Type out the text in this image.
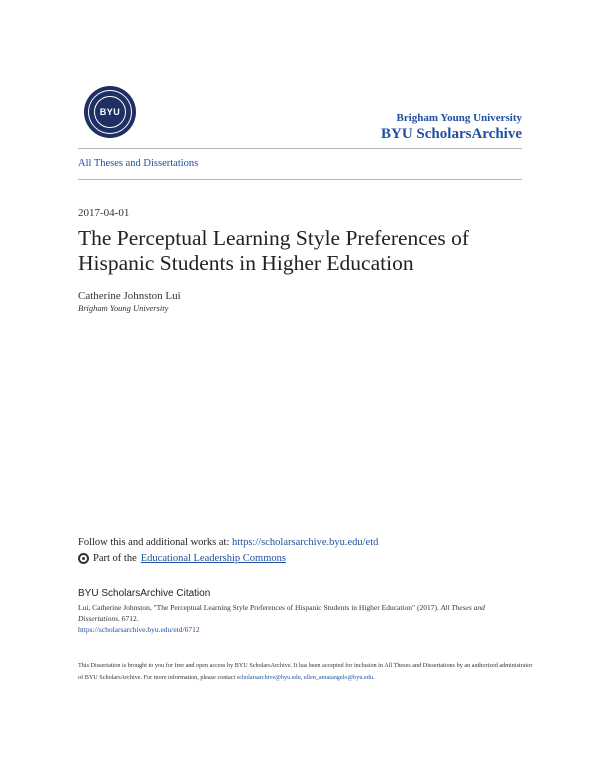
BYU	Brigham Young University
BYU ScholarsArchive
All Theses and Dissertations
2017-04-01
The Perceptual Learning Style Preferences of Hispanic Students in Higher Education
Catherine Johnston Lui
Brigham Young University
Follow this and additional works at: https://scholarsarchive.byu.edu/etd
Part of the Educational Leadership Commons
BYU ScholarsArchive Citation
Lui, Catherine Johnston, "The Perceptual Learning Style Preferences of Hispanic Students in Higher Education" (2017). All Theses and Dissertations. 6712.
https://scholarsarchive.byu.edu/etd/6712
This Dissertation is brought to you for free and open access by BYU ScholarsArchive. It has been accepted for inclusion in All Theses and Dissertations by an authorized administrator of BYU ScholarsArchive. For more information, please contact scholarsarchive@byu.edu, ellen_amatangelo@byu.edu.
